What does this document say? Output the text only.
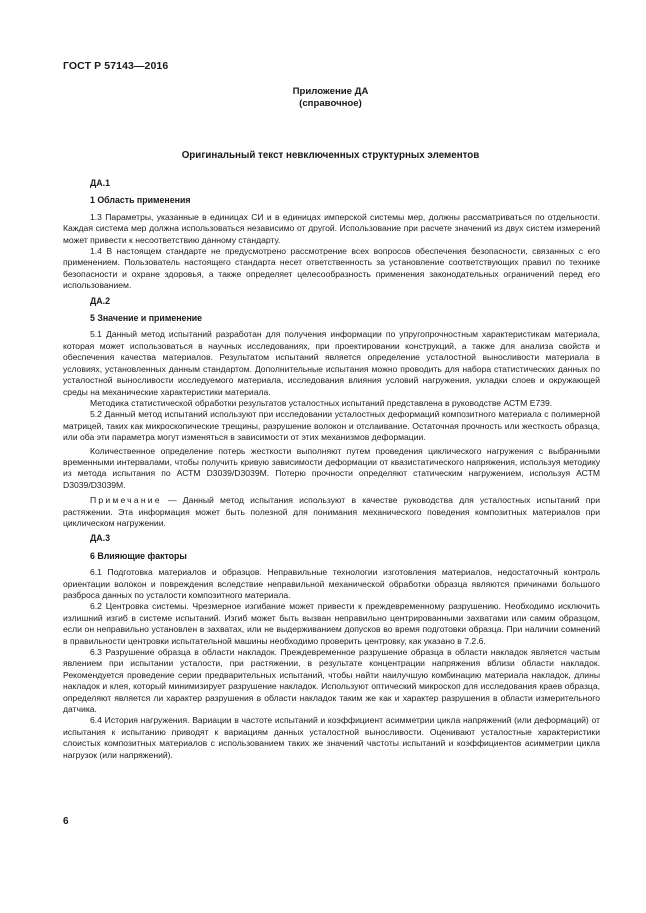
ГОСТ Р 57143—2016
Приложение ДА
(справочное)
Оригинальный текст невключенных структурных элементов
ДА.1
1 Область применения

1.3 Параметры, указанные в единицах СИ и в единицах имперской системы мер, должны рассматриваться по отдельности. Каждая система мер должна использоваться независимо от другой. Использование при расчете значений из двух систем измерений может привести к несоответствию данному стандарту.

1.4 В настоящем стандарте не предусмотрено рассмотрение всех вопросов обеспечения безопасности, связанных с его применением. Пользователь настоящего стандарта несет ответственность за установление соответствующих правил по технике безопасности и охране здоровья, а также определяет целесообразность применения законодательных ограничений перед его использованием.

ДА.2
5 Значение и применение

5.1 Данный метод испытаний разработан для получения информации по упругопрочностным характеристикам материала, которая может использоваться в научных исследованиях, при проектировании конструкций, а также для анализа свойств и обеспечения качества материалов. Результатом испытаний является определение усталостной выносливости материала в условиях, установленных данным стандартом. Дополнительные испытания можно проводить для набора статистических данных по усталостной выносливости исследуемого материала, исследования влияния условий нагружения, укладки слоев и окружающей среды на механические характеристики материала.

Методика статистической обработки результатов усталостных испытаний представлена в руководстве АСТМ Е739.

5.2 Данный метод испытаний используют при исследовании усталостных деформаций композитного материала с полимерной матрицей, таких как микроскопические трещины, разрушение волокон и отслаивание. Остаточная прочность или жесткость образца, или оба эти параметра могут изменяться в зависимости от этих механизмов деформации.

Количественное определение потерь жесткости выполняют путем проведения циклического нагружения с выбранными временными интервалами, чтобы получить кривую зависимости деформации от квазистатического напряжения, используя методику из метода испытания по АСТМ D3039/D3039M. Потерю прочности определяют статическим нагружением, используя АСТМ D3039/D3039M.

Примечание — Данный метод испытания используют в качестве руководства для усталостных испытаний при растяжении. Эта информация может быть полезной для понимания механического поведения композитных материалов при циклическом нагружении.

ДА.3
6 Влияющие факторы

6.1 Подготовка материалов и образцов. Неправильные технологии изготовления материалов, недостаточный контроль ориентации волокон и повреждения вследствие неправильной механической обработки образца являются причинами большого разброса данных по усталости композитного материала.

6.2 Центровка системы. Чрезмерное изгибание может привести к преждевременному разрушению. Необходимо исключить излишний изгиб в системе испытаний. Изгиб может быть вызван неправильно центрированными захватами или самим образцом, если он неправильно установлен в захватах, или не выдерживанием допусков во время подготовки образца. При наличии сомнений в правильности центровки испытательной машины необходимо проверить центровку, как указано в 7.2.6.

6.3 Разрушение образца в области накладок. Преждевременное разрушение образца в области накладок является частым явлением при испытании усталости, при растяжении, в результате концентрации напряжения вблизи области накладок. Рекомендуется проведение серии предварительных испытаний, чтобы найти наилучшую комбинацию материала накладок, длины накладок и клея, который минимизирует разрушение накладок. Используют оптический микроскоп для исследования краев образца, определяют является ли характер разрушения в области накладок таким же как и характер разрушения в области измерительного датчика.

6.4 История нагружения. Вариации в частоте испытаний и коэффициент асимметрии цикла напряжений (или деформаций) от испытания к испытанию приводят к вариациям данных усталостной выносливости. Оценивают усталостные характеристики слоистых композитных материалов с использованием таких же значений частоты испытаний и коэффициентов асимметрии цикла нагрузок (или напряжений).

6
